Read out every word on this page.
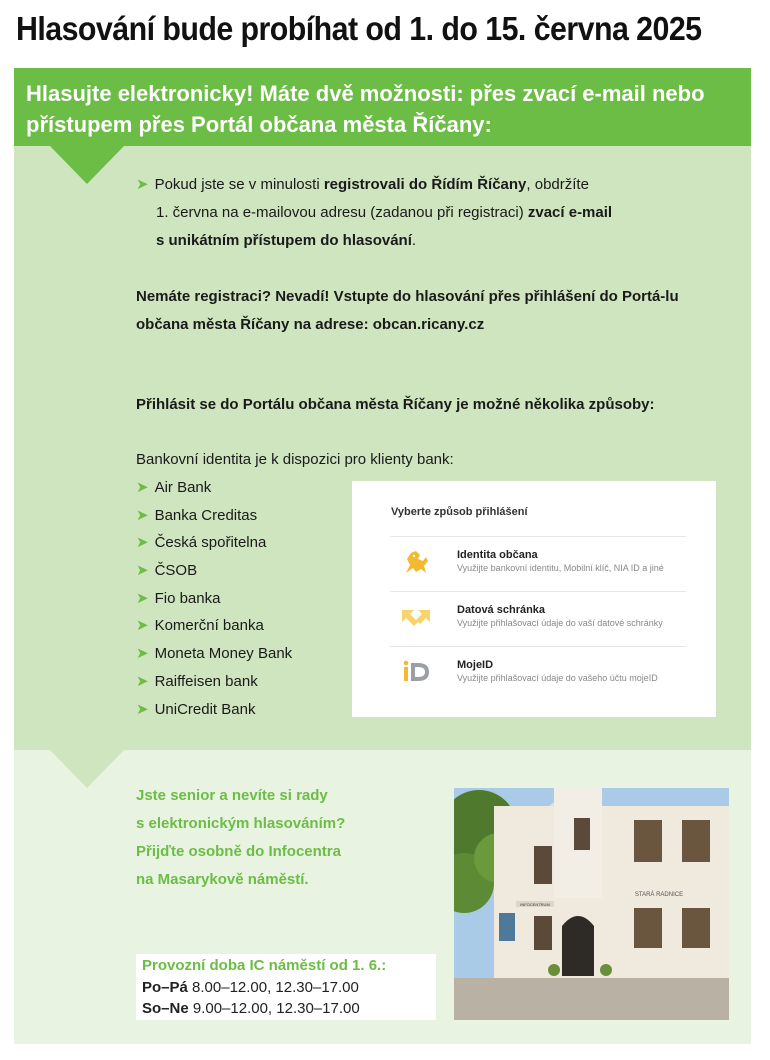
Hlasování bude probíhat od 1. do 15. června 2025
Hlasujte elektronicky! Máte dvě možnosti: přes zvací e-mail nebo přístupem přes Portál občana města Říčany:
➤ Pokud jste se v minulosti registrovali do Řídím Říčany, obdržíte
1. června na e-mailovou adresu (zadanou při registraci) zvací e-mail
s unikátním přístupem do hlasování.
Nemáte registraci? Nevadí! Vstupte do hlasování přes přihlášení do Portá-lu občana města Říčany na adrese: obcan.ricany.cz
Přihlásit se do Portálu občana města Říčany je možné několika způsoby:
Bankovní identita je k dispozici pro klienty bank:
➤ Air Bank
➤ Banka Creditas
➤ Česká spořitelna
➤ ČSOB
➤ Fio banka
➤ Komerční banka
➤ Moneta Money Bank
➤ Raiffeisen bank
➤ UniCredit Bank
Vyberte způsob přihlášení
Identita občana
Využijte bankovní identitu, Mobilní klíč, NIA ID a jiné
Datová schránka
Využijte přihlašovací údaje do vaší datové schránky
MojeID
Využijte přihlašovací údaje do vašeho účtu mojeID
Jste senior a nevíte si rady
s elektronickým hlasováním?
Přijďte osobně do Infocentra
na Masarykově náměstí.
Provozní doba IC náměstí od 1. 6.:
Po–Pá 8.00–12.00, 12.30–17.00
So–Ne 9.00–12.00, 12.30–17.00
INFOCENTRUM
STARÁ RADNICE
